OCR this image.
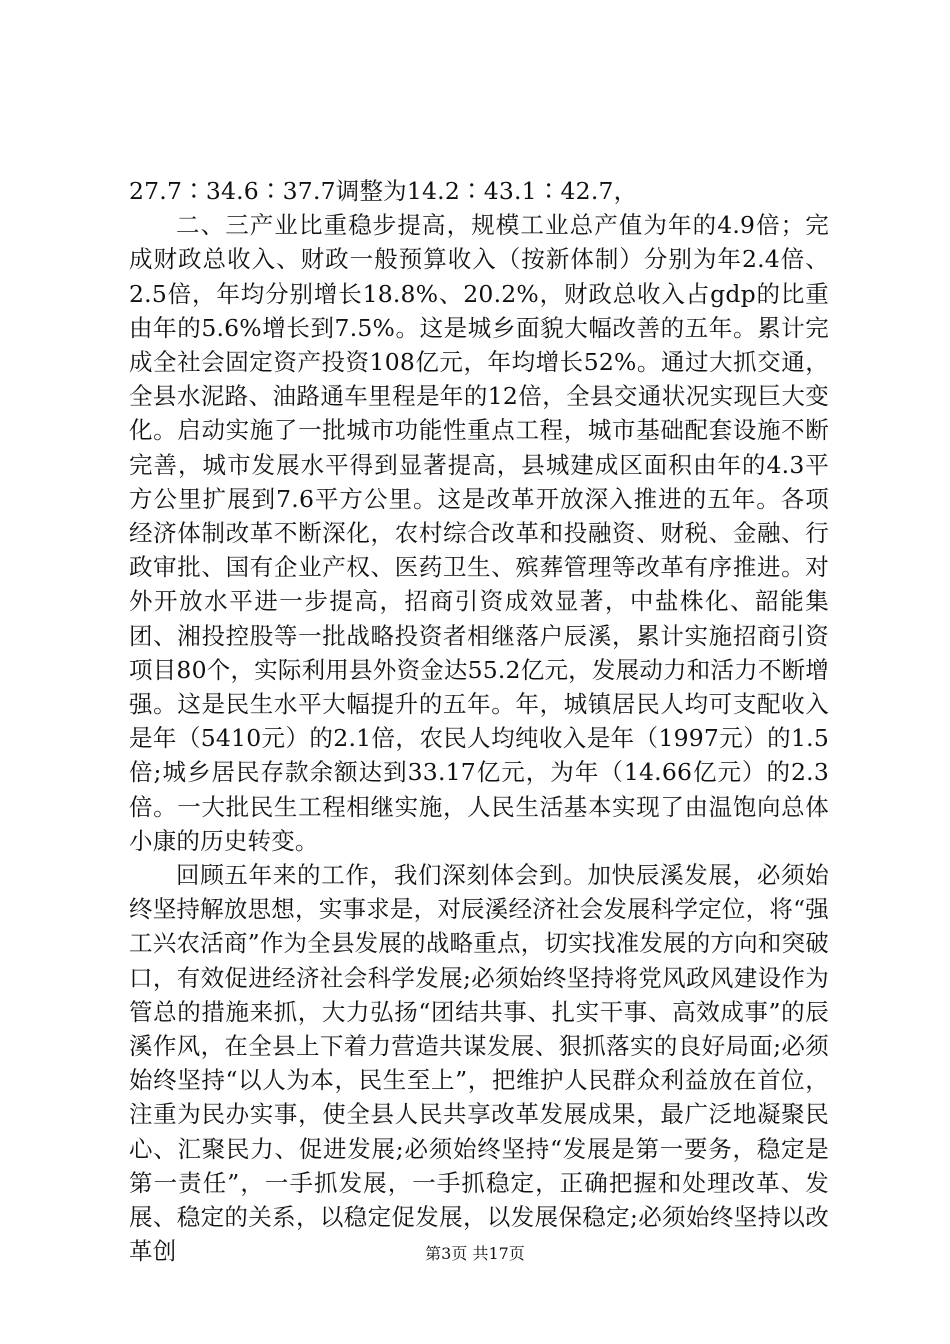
27.7∶34.6∶37.7调整为14.2∶43.1∶42.7，

二、三产业比重稳步提高，规模工业总产值为年的4.9倍；完成财政总收入、财政一般预算收入（按新体制）分别为年2.4倍、2.5倍，年均分别增长18.8%、20.2%，财政总收入占gdp的比重由年的5.6%增长到7.5%。这是城乡面貌大幅改善的五年。累计完成全社会固定资产投资108亿元，年均增长52%。通过大抓交通，全县水泥路、油路通车里程是年的12倍，全县交通状况实现巨大变化。启动实施了一批城市功能性重点工程，城市基础配套设施不断完善，城市发展水平得到显著提高，县城建成区面积由年的4.3平方公里扩展到7.6平方公里。这是改革开放深入推进的五年。各项经济体制改革不断深化，农村综合改革和投融资、财税、金融、行政审批、国有企业产权、医药卫生、殡葬管理等改革有序推进。对外开放水平进一步提高，招商引资成效显著，中盐株化、韶能集团、湘投控股等一批战略投资者相继落户辰溪，累计实施招商引资项目80个，实际利用县外资金达55.2亿元，发展动力和活力不断增强。这是民生水平大幅提升的五年。年，城镇居民人均可支配收入是年（5410元）的2.1倍，农民人均纯收入是年（1997元）的1.5倍;城乡居民存款余额达到33.17亿元，为年（14.66亿元）的2.3倍。一大批民生工程相继实施，人民生活基本实现了由温饱向总体小康的历史转变。

回顾五年来的工作，我们深刻体会到。加快辰溪发展，必须始终坚持解放思想，实事求是，对辰溪经济社会发展科学定位，将“强工兴农活商”作为全县发展的战略重点，切实找准发展的方向和突破口，有效促进经济社会科学发展;必须始终坚持将党风政风建设作为管总的措施来抓，大力弘扬“团结共事、扎实干事、高效成事”的辰溪作风，在全县上下着力营造共谋发展、狠抓落实的良好局面;必须始终坚持“以人为本，民生至上”，把维护人民群众利益放在首位，注重为民办实事，使全县人民共享改革发展成果，最广泛地凝聚民心、汇聚民力、促进发展;必须始终坚持“发展是第一要务，稳定是第一责任”，一手抓发展，一手抓稳定，正确把握和处理改革、发展、稳定的关系，以稳定促发展，以发展保稳定;必须始终坚持以改革创	第3页 共17页
